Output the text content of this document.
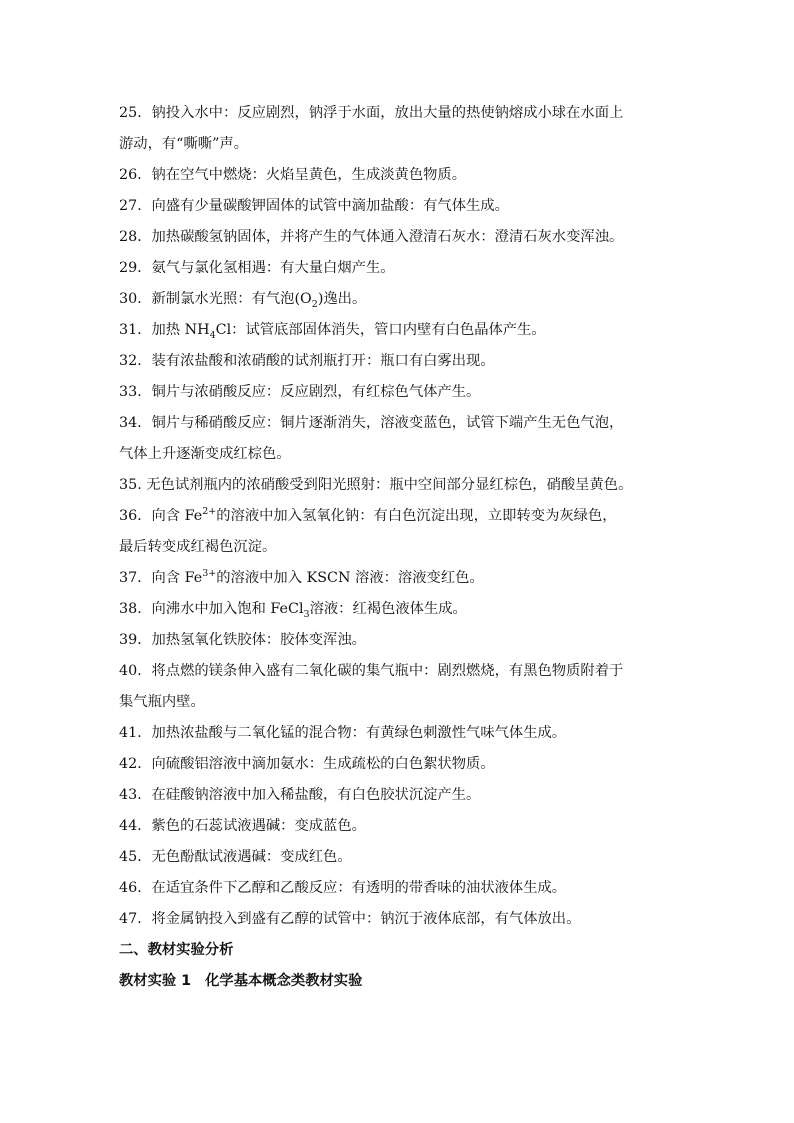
25．钠投入水中：反应剧烈，钠浮于水面，放出大量的热使钠熔成小球在水面上
游动，有“嘶嘶”声。
26．钠在空气中燃烧：火焰呈黄色，生成淡黄色物质。
27．向盛有少量碳酸钾固体的试管中滴加盐酸：有气体生成。
28．加热碳酸氢钠固体，并将产生的气体通入澄清石灰水：澄清石灰水变浑浊。
29．氨气与氯化氢相遇：有大量白烟产生。
30．新制氯水光照：有气泡$(O_2)$逸出。
31．加热 $NH_4Cl$：试管底部固体消失，管口内壁有白色晶体产生。
32．装有浓盐酸和浓硝酸的试剂瓶打开：瓶口有白雾出现。
33．铜片与浓硝酸反应：反应剧烈，有红棕色气体产生。
34．铜片与稀硝酸反应：铜片逐渐消失，溶液变蓝色，试管下端产生无色气泡，
气体上升逐渐变成红棕色。
35. 无色试剂瓶内的浓硝酸受到阳光照射：瓶中空间部分显红棕色，硝酸呈黄色。
36．向含 $Fe^{2+}$的溶液中加入氢氧化钠：有白色沉淀出现，立即转变为灰绿色，
最后转变成红褐色沉淀。
37．向含 $Fe^{3+}$的溶液中加入 KSCN 溶液：溶液变红色。
38．向沸水中加入饱和 FeCl$_3$溶液：红褐色液体生成。
39．加热氢氧化铁胶体：胶体变浑浊。
40．将点燃的镁条伸入盛有二氧化碳的集气瓶中：剧烈燃烧，有黑色物质附着于
集气瓶内壁。
41．加热浓盐酸与二氧化锰的混合物：有黄绿色刺激性气味气体生成。
42．向硫酸铝溶液中滴加氨水：生成疏松的白色絮状物质。
43．在硅酸钠溶液中加入稀盐酸，有白色胶状沉淀产生。
44．紫色的石蕊试液遇碱：变成蓝色。
45．无色酚酞试液遇碱：变成红色。
46．在适宜条件下乙醇和乙酸反应：有透明的带香味的油状液体生成。
47．将金属钠投入到盛有乙醇的试管中：钠沉于液体底部，有气体放出。
二、教材实验分析
教材实验 1 化学基本概念类教材实验
